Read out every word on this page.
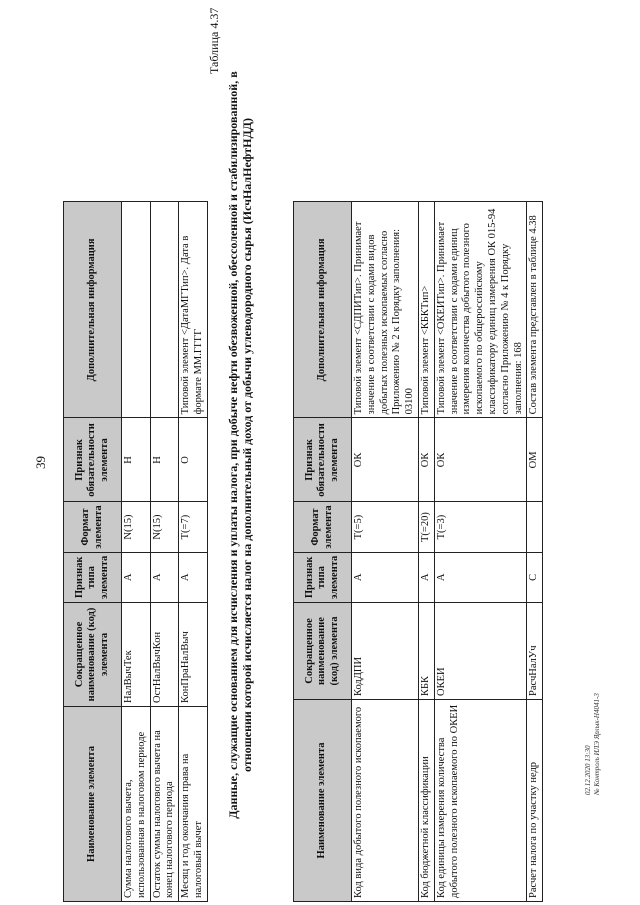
39
Наименование элемента	Сокращенное наименование (код) элемента	Признак типа элемента	Формат элемента	Признак обязательности элемента	Дополнительная информация
Сумма налогового вычета, использованная в налоговом периоде	НалВычТек	А	N(15)	Н	
Остаток суммы налогового вычета на конец налогового периода	ОстНалВычКон	А	N(15)	Н	
Месяц и год окончания права на налоговый вычет	КонПраНалВыч	А	T(=7)	О	Типовой элемент <ДатаМГТип>. Дата в формате ММ.ГГГГ
Таблица 4.37
Данные, служащие основанием для исчисления и уплаты налога, при добыче нефти обезвоженной, обессоленной и стабилизированной, в отношении которой исчисляется налог на дополнительный доход от добычи углеводородного сырья (ИсчНалНефтНДД)
Наименование элемента	Сокращенное наименование (код) элемента	Признак типа элемента	Формат элемента	Признак обязательности элемента	Дополнительная информация
Код вида добытого полезного ископаемого	КодДПИ	А	T(=5)	ОК	Типовой элемент <СДПИТип>. Принимает значение в соответствии с кодами видов добытых полезных ископаемых согласно Приложению № 2 к Порядку заполнения: 03100
Код бюджетной классификации	КБК	А	T(=20)	ОК	Типовой элемент <КБКТип>
Код единицы измерения количества добытого полезного ископаемого по ОКЕИ	ОКЕИ	А	T(=3)	ОК	Типовой элемент <ОКЕИТип>. Принимает значение в соответствии с кодами единиц измерения количества добытого полезного ископаемого по общероссийскому классификатору единиц измерения ОК 015-94 согласно Приложению № 4 к Порядку заполнения: 168
Расчет налога по участку недр	РасчНалУч	С		ОМ	Состав элемента представлен в таблице 4.38
02.12.2020 13:30 № Контроль ИЛЭ Ярлык-Н4041-3
